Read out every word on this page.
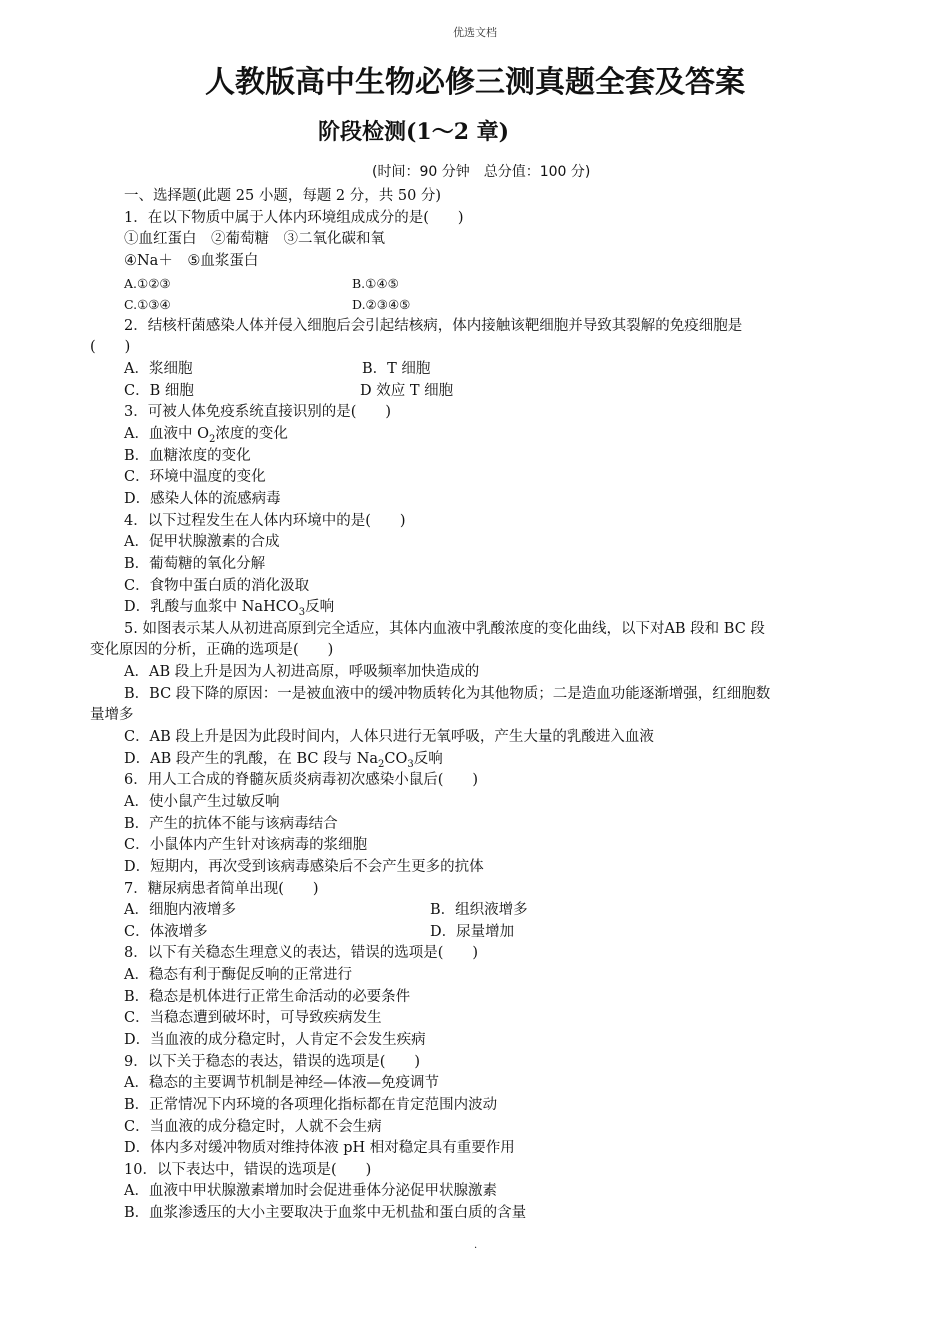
优选文档
人教版高中生物必修三测真题全套及答案
阶段检测(1～2 章)
(时间：90 分钟　总分值：100 分)
一、选择题(此题 25 小题，每题 2 分，共 50 分)
1．在以下物质中属于人体内环境组成成分的是(　　)
①血红蛋白　②葡萄糖　③二氧化碳和氧
④Na＋　⑤血浆蛋白
A.①②③	B.①④⑤
C.①③④	D.②③④⑤
2．结核杆菌感染人体并侵入细胞后会引起结核病，体内接触该靶细胞并导致其裂解的免疫细胞是
(　　)
A．浆细胞	B．T 细胞
C．B 细胞	D 效应 T 细胞
3．可被人体免疫系统直接识别的是(　　)
A．血液中 $O_2$浓度的变化
B．血糖浓度的变化
C．环境中温度的变化
D．感染人体的流感病毒
4．以下过程发生在人体内环境中的是(　　)
A．促甲状腺激素的合成
B．葡萄糖的氧化分解
C．食物中蛋白质的消化汲取
D．乳酸与血浆中 NaHCO$_3$反响
5. 如图表示某人从初进高原到完全适应，其体内血液中乳酸浓度的变化曲线，以下对AB 段和 BC 段
变化原因的分析，正确的选项是(　　)
A．AB 段上升是因为人初进高原，呼吸频率加快造成的
B．BC 段下降的原因：一是被血液中的缓冲物质转化为其他物质；二是造血功能逐渐增强，红细胞数
量增多
C．AB 段上升是因为此段时间内，人体只进行无氧呼吸，产生大量的乳酸进入血液
D．AB 段产生的乳酸，在 BC 段与 $Na_2CO_3$反响
6．用人工合成的脊髓灰质炎病毒初次感染小鼠后(　　)
A．使小鼠产生过敏反响
B．产生的抗体不能与该病毒结合
C．小鼠体内产生针对该病毒的浆细胞
D．短期内，再次受到该病毒感染后不会产生更多的抗体
7．糖尿病患者简单出现(　　)
A．细胞内液增多	B．组织液增多
C．体液增多	D．尿量增加
8．以下有关稳态生理意义的表达，错误的选项是(　　)
A．稳态有利于酶促反响的正常进行
B．稳态是机体进行正常生命活动的必要条件
C．当稳态遭到破坏时，可导致疾病发生
D．当血液的成分稳定时，人肯定不会发生疾病
9．以下关于稳态的表达，错误的选项是(　　)
A．稳态的主要调节机制是神经—体液—免疫调节
B．正常情况下内环境的各项理化指标都在肯定范围内波动
C．当血液的成分稳定时，人就不会生病
D．体内多对缓冲物质对维持体液 pH 相对稳定具有重要作用
10．以下表达中，错误的选项是(　　)
A．血液中甲状腺激素增加时会促进垂体分泌促甲状腺激素
B．血浆渗透压的大小主要取决于血浆中无机盐和蛋白质的含量
.
